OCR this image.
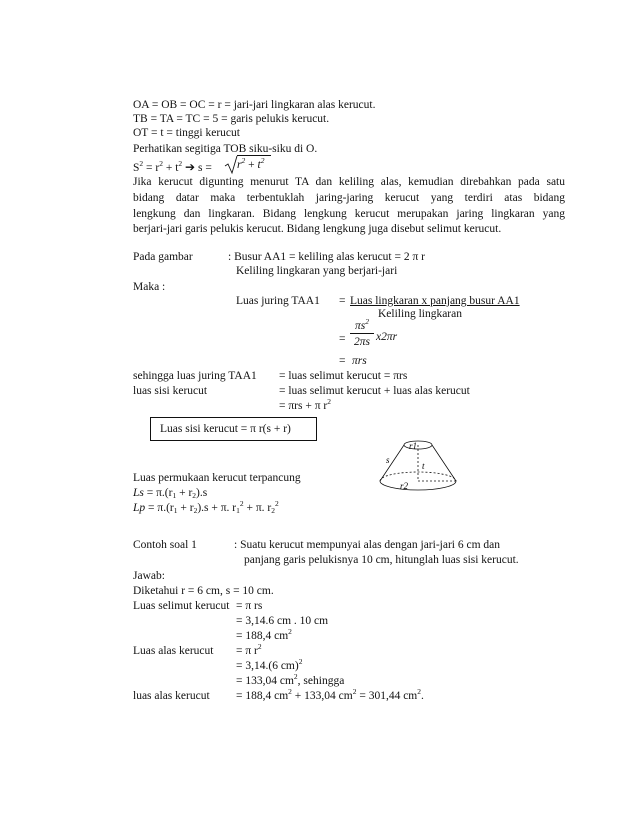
OA = OB = OC = r = jari-jari lingkaran alas kerucut.
TB = TA = TC = 5 = garis pelukis kerucut.
OT = t = tinggi kerucut
Perhatikan segitiga TOB siku-siku di O.
$S^2 = r^2 + t^2$ ➔ $s = r^2 + t^2$
Jika kerucut digunting menurut TA dan keliling alas, kemudian direbahkan pada satu
bidang datar maka terbentuklah jaring-jaring kerucut yang terdiri atas bidang
lengkung dan lingkaran. Bidang lengkung kerucut merupakan jaring lingkaran yang
berjari-jari garis pelukis kerucut. Bidang lengkung juga disebut selimut kerucut.
Pada gambar	: Busur AA1 = keliling alas kerucut = 2 π r
Keliling lingkaran yang berjari-jari
Maka :
Luas juring TAA1 = Luas lingkaran x panjang busur AA1
Keliling lingkaran
=
$\pi s^2$
2πs x2πr
= πrs
sehingga luas juring TAA1 = luas selimut kerucut = πrs
luas sisi kerucut	= luas selimut kerucut + luas alas kerucut
= πrs + π $r^2$
Luas sisi kerucut = π r(s + r)
r1
s
t
r2
Luas permukaan kerucut terpancung
$Ls = \pi.(r_1 + r_2).s$
$Lp = \pi.(r_1 + r_2).s + \pi$. $r_1^2 + \pi$. $r_2^2$
Contoh soal 1	: Suatu kerucut mempunyai alas dengan jari-jari 6 cm dan
panjang garis pelukisnya 10 cm, hitunglah luas sisi kerucut.
Jawab:
Diketahui r = 6 cm, s = 10 cm.
Luas selimut kerucut = π rs
= 3,14.6 cm . 10 cm
= 188,4 $cm^2$
Luas alas kerucut = π $r^2$
= 3,14.(6 cm)$^2$
= 133,04 $cm^2$, sehingga
luas alas kerucut = 188,4 $cm^2 + 133,04$ $cm^2 = 301,44$ $cm^2$.
